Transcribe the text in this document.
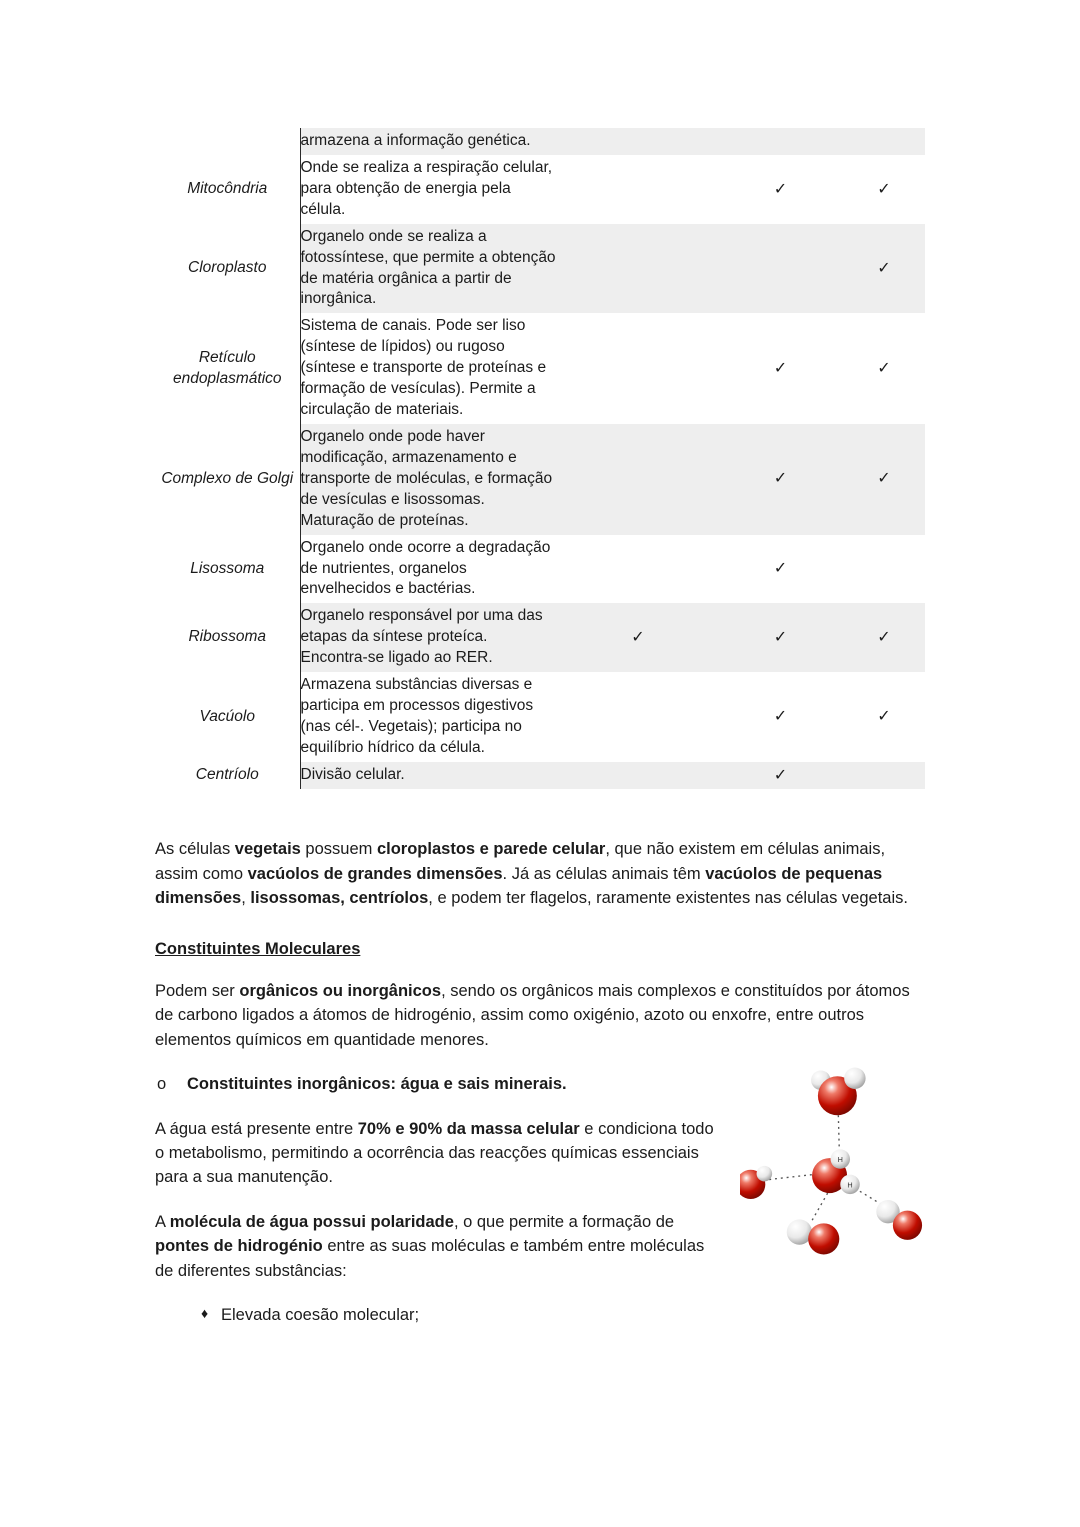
	armazena a informação genética.			
Mitocôndria	Onde se realiza a respiração celular, para obtenção de energia pela célula.		✓	✓
Cloroplasto	Organelo onde se realiza a fotossíntese, que permite a obtenção de matéria orgânica a partir de inorgânica.			✓
Retículo endoplasmático	Sistema de canais. Pode ser liso (síntese de lípidos) ou rugoso (síntese e transporte de proteínas e formação de vesículas). Permite a circulação de materiais.		✓	✓
Complexo de Golgi	Organelo onde pode haver modificação, armazenamento e transporte de moléculas, e formação de vesículas e lisossomas. Maturação de proteínas.		✓	✓
Lisossoma	Organelo onde ocorre a degradação de nutrientes, organelos envelhecidos e bactérias.		✓	
Ribossoma	Organelo responsável por uma das etapas da síntese proteíca. Encontra-se ligado ao RER.	✓	✓	✓
Vacúolo	Armazena substâncias diversas e participa em processos digestivos (nas cél-. Vegetais); participa no equilíbrio hídrico da célula.		✓	✓
Centríolo	Divisão celular.		✓	

As células vegetais possuem cloroplastos e parede celular, que não existem em células animais, assim como vacúolos de grandes dimensões. Já as células animais têm vacúolos de pequenas dimensões, lisossomas, centríolos, e podem ter flagelos, raramente existentes nas células vegetais.

Constituintes Moleculares

Podem ser orgânicos ou inorgânicos, sendo os orgânicos mais complexos e constituídos por átomos de carbono ligados a átomos de hidrogénio, assim como oxigénio, azoto ou enxofre, entre outros elementos químicos em quantidade menores.

H
H
o	Constituintes inorgânicos: água e sais minerais.

A água está presente entre 70% e 90% da massa celular e condiciona todo o metabolismo, permitindo a ocorrência das reacções químicas essenciais para a sua manutenção.

A molécula de água possui polaridade, o que permite a formação de pontes de hidrogénio entre as suas moléculas e também entre moléculas de diferentes substâncias:

♦ Elevada coesão molecular;
